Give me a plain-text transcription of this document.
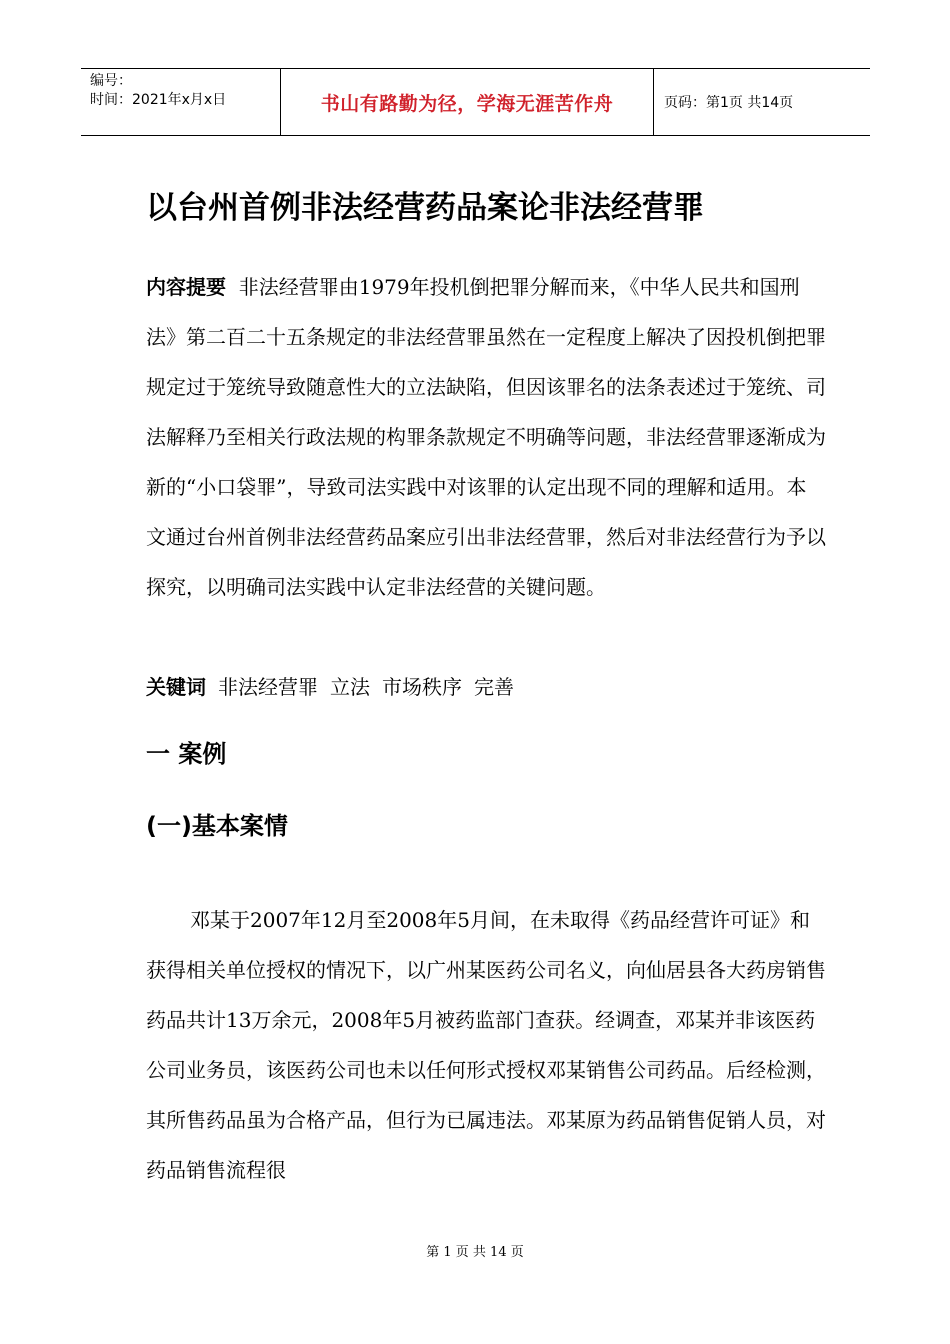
编号：
时间：2021年x月x日	书山有路勤为径，学海无涯苦作舟	页码：第1页 共14页
以台州首例非法经营药品案论非法经营罪
内容提要 非法经营罪由1979年投机倒把罪分解而来，《中华人民共和国刑法》第二百二十五条规定的非法经营罪虽然在一定程度上解决了因投机倒把罪规定过于笼统导致随意性大的立法缺陷，但因该罪名的法条表述过于笼统、司法解释乃至相关行政法规的构罪条款规定不明确等问题，非法经营罪逐渐成为新的“小口袋罪”，导致司法实践中对该罪的认定出现不同的理解和适用。本文通过台州首例非法经营药品案应引出非法经营罪，然后对非法经营行为予以探究，以明确司法实践中认定非法经营的关键问题。
关键词 非法经营罪 立法 市场秩序 完善
一 案例
(一)基本案情
邓某于2007年12月至2008年5月间，在未取得《药品经营许可证》和获得相关单位授权的情况下，以广州某医药公司名义，向仙居县各大药房销售药品共计13万余元，2008年5月被药监部门查获。经调查，邓某并非该医药公司业务员，该医药公司也未以任何形式授权邓某销售公司药品。后经检测，其所售药品虽为合格产品，但行为已属违法。邓某原为药品销售促销人员，对药品销售流程很
第 1 页 共 14 页
